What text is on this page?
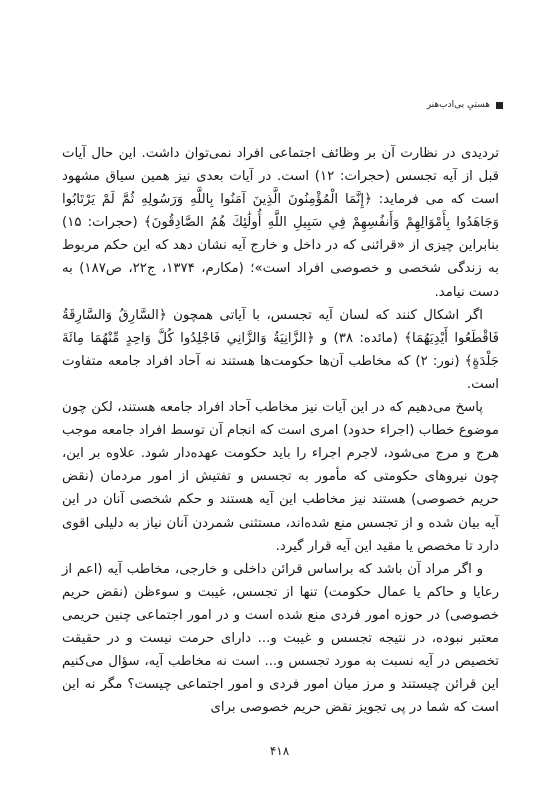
هستیِ بی‌ادب‌هنر

تردیدی در نظارت آن بر وظائف اجتماعی افراد نمی‌توان داشت. این حال آیات قبل از آیه تجسس (حجرات: ۱۲) است. در آیات بعدی نیز همین سیاق مشهود است که می فرماید: ﴿إِنَّمَا الْمُؤْمِنُونَ الَّذِينَ آمَنُوا بِاللَّهِ وَرَسُولِهِ ثُمَّ لَمْ يَرْتَابُوا وَجَاهَدُوا بِأَمْوَالِهِمْ وَأَنفُسِهِمْ فِي سَبِيلِ اللَّهِ أُولَٰئِكَ هُمُ الصَّادِقُونَ﴾ (حجرات: ۱۵) بنابراین چیزی از «قرائنی که در داخل و خارج آیه نشان دهد که این حکم مربوط به زندگی شخصی و خصوصی افراد است»؛ (مکارم، ۱۳۷۴، ج۲۲، ص۱۸۷) به دست نیامد.

اگر اشکال کنند که لسان آیه تجسس، با آیاتی همچون ﴿السَّارِقُ وَالسَّارِقَةُ فَاقْطَعُوا أَيْدِيَهُمَا﴾ (مائده: ۳۸) و ﴿الزَّانِيَةُ وَالزَّانِي فَاجْلِدُوا كُلَّ وَاحِدٍ مِّنْهُمَا مِائَةَ جَلْدَةٍ﴾ (نور: ۲) که مخاطب آن‌ها حکومت‌ها هستند نه آحاد افراد جامعه متفاوت است.

پاسخ می‌دهیم که در این آیات نیز مخاطب آحاد افراد جامعه هستند، لکن چون موضوع خطاب (اجراء حدود) امری است که انجام آن توسط افراد جامعه موجب هرج و مرج می‌شود، لاجرم اجراء را باید حکومت عهده‌دار شود. علاوه بر این، چون نیروهای حکومتی که مأمور به تجسس و تفتیش از امور مردمان (نقض حریم خصوصی) هستند نیز مخاطب این آیه هستند و حکم شخصی آنان در این آیه بیان شده و از تجسس منع شده‌اند، مستثنی شمردن آنان نیاز به دلیلی اقوی دارد تا مخصص یا مقید این آیه قرار گیرد.

و اگر مراد آن باشد که براساس قرائن داخلی و خارجی، مخاطب آیه (اعم از رعایا و حاکم یا عمال حکومت) تنها از تجسس، غیبت و سوءظن (نقض حریم خصوصی) در حوزه امور فردی منع شده است و در امور اجتماعی چنین حریمی معتبر نبوده، در نتیجه تجسس و غیبت و... دارای حرمت نیست و در حقیقت تخصیص در آیه نسبت به مورد تجسس و... است نه مخاطب آیه، سؤال می‌کنیم این قرائن چیستند و مرز میان امور فردی و امور اجتماعی چیست؟ مگر نه این است که شما در پی تجویز نقض حریم خصوصی برای

۴۱۸
